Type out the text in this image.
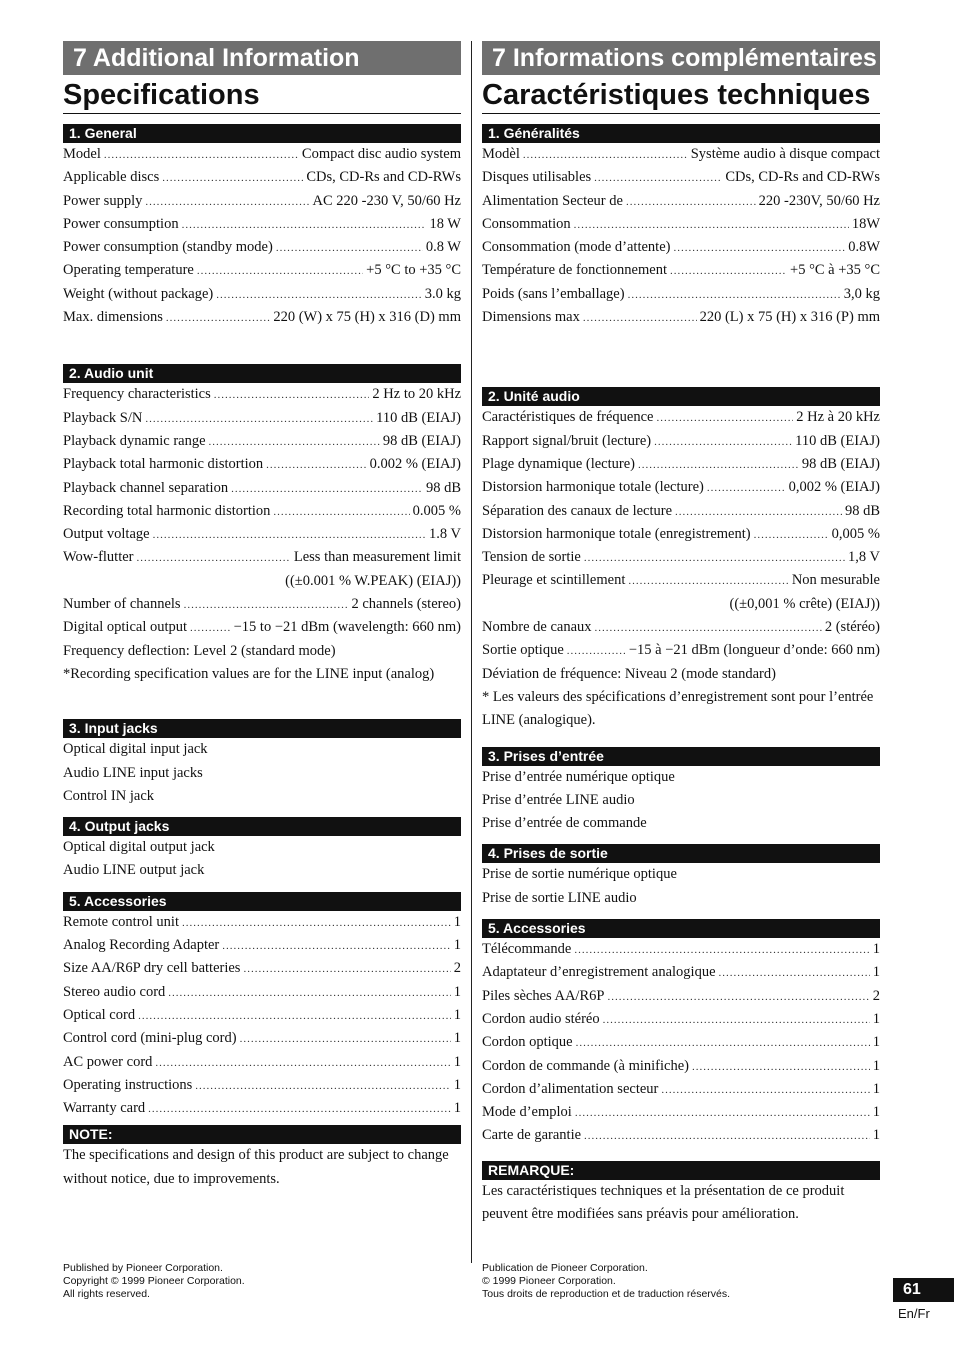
7 Additional Information
Specifications
1. General
Model .....	Compact disc audio system
Applicable discs .....	CDs, CD-Rs and CD-RWs
Power supply .....	AC 220 -230 V, 50/60 Hz
Power consumption .....	18 W
Power consumption (standby mode) .....	0.8 W
Operating temperature .....	+5 °C to +35 °C
Weight (without package) .....	3.0 kg
Max. dimensions .....	220 (W) x 75 (H) x 316 (D) mm
2. Audio unit
Frequency characteristics .....	2 Hz to 20 kHz
Playback S/N .....	110 dB (EIAJ)
Playback dynamic range .....	98 dB (EIAJ)
Playback total harmonic distortion .....	0.002 % (EIAJ)
Playback channel separation .....	98 dB
Recording total harmonic distortion .....	0.005 %
Output voltage .....	1.8 V
Wow-flutter .....	Less than measurement limit
((±0.001 % W.PEAK) (EIAJ))
Number of channels .....	2 channels (stereo)
Digital optical output .....	−15 to −21 dBm (wavelength: 660 nm)
Frequency deflection: Level 2 (standard mode)
*Recording specification values are for the LINE input (analog)
3. Input jacks
Optical digital input jack
Audio LINE input jacks
Control IN jack
4. Output jacks
Optical digital output jack
Audio LINE output jack
5. Accessories
Remote control unit .....	1
Analog Recording Adapter .....	1
Size AA/R6P dry cell batteries .....	2
Stereo audio cord .....	1
Optical cord .....	1
Control cord (mini-plug cord) .....	1
AC power cord .....	1
Operating instructions .....	1
Warranty card .....	1
NOTE:
The specifications and design of this product are subject to change without notice, due to improvements.
7 Informations complémentaires
Caractéristiques techniques
1. Généralités
Modèl .....	Système audio à disque compact
Disques utilisables .....	CDs, CD-Rs and CD-RWs
Alimentation Secteur de .....	220 -230V, 50/60 Hz
Consommation .....	18W
Consommation (mode d’attente) .....	0.8W
Température de fonctionnement .....	+5 °C à +35 °C
Poids (sans l’emballage) .....	3,0 kg
Dimensions max .....	220 (L) x 75 (H) x 316 (P) mm
2. Unité audio
Caractéristiques de fréquence .....	2 Hz à 20 kHz
Rapport signal/bruit (lecture) .....	110 dB (EIAJ)
Plage dynamique (lecture) .....	98 dB (EIAJ)
Distorsion harmonique totale (lecture) .....	0,002 % (EIAJ)
Séparation des canaux de lecture .....	98 dB
Distorsion harmonique totale (enregistrement) .....	0,005 %
Tension de sortie .....	1,8 V
Pleurage et scintillement .....	Non mesurable
((±0,001 % crête) (EIAJ))
Nombre de canaux .....	2 (stéréo)
Sortie optique .....	−15 à −21 dBm (longueur d’onde: 660 nm)
Déviation de fréquence: Niveau 2 (mode standard)
* Les valeurs des spécifications d’enregistrement sont pour l’entrée LINE (analogique).
3. Prises d’entrée
Prise d’entrée numérique optique
Prise d’entrée LINE audio
Prise d’entrée de commande
4. Prises de sortie
Prise de sortie numérique optique
Prise de sortie LINE audio
5. Accessories
Télécommande .....	1
Adaptateur d’enregistrement analogique .....	1
Piles sèches AA/R6P .....	2
Cordon audio stéréo .....	1
Cordon optique .....	1
Cordon de commande (à minifiche) .....	1
Cordon d’alimentation secteur .....	1
Mode d’emploi .....	1
Carte de garantie .....	1
REMARQUE:
Les caractéristiques techniques et la présentation de ce produit peuvent être modifiées sans préavis pour amélioration.
Published by Pioneer Corporation.
Copyright © 1999 Pioneer Corporation.
All rights reserved.
Publication de Pioneer Corporation.
© 1999 Pioneer Corporation.
Tous droits de reproduction et de traduction réservés.	61
En/Fr
